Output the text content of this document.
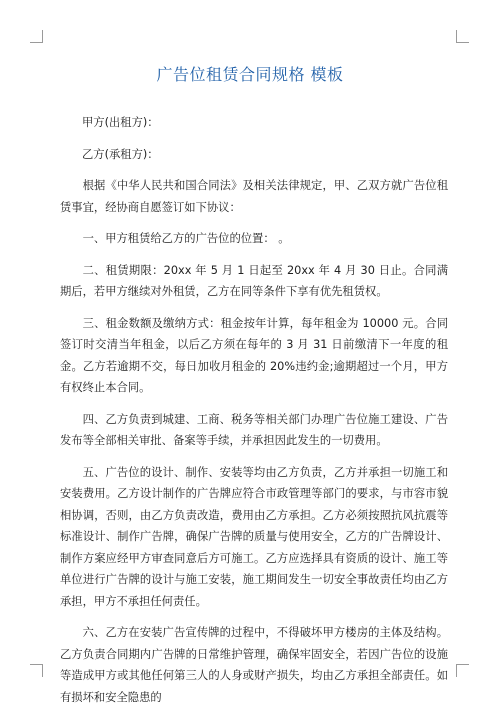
广告位租赁合同规格 模板

甲方(出租方)：

乙方(承租方)：

根据《中华人民共和国合同法》及相关法律规定，甲、乙双方就广告位租赁事宜，经协商自愿签订如下协议：

一、甲方租赁给乙方的广告位的位置： 。

二、租赁期限：20xx 年 5 月 1 日起至 20xx 年 4 月 30 日止。合同满期后，若甲方继续对外租赁，乙方在同等条件下享有优先租赁权。

三、租金数额及缴纳方式：租金按年计算，每年租金为 10000 元。合同签订时交清当年租金，以后乙方须在每年的 3 月 31 日前缴清下一年度的租金。乙方若逾期不交，每日加收月租金的 20%违约金;逾期超过一个月，甲方有权终止本合同。

四、乙方负责到城建、工商、税务等相关部门办理广告位施工建设、广告发布等全部相关审批、备案等手续，并承担因此发生的一切费用。

五、广告位的设计、制作、安装等均由乙方负责，乙方并承担一切施工和安装费用。乙方设计制作的广告牌应符合市政管理等部门的要求，与市容市貌相协调，否则，由乙方负责改造，费用由乙方承担。乙方必须按照抗风抗震等标准设计、制作广告牌，确保广告牌的质量与使用安全，乙方的广告牌设计、制作方案应经甲方审查同意后方可施工。乙方应选择具有资质的设计、施工等单位进行广告牌的设计与施工安装，施工期间发生一切安全事故责任均由乙方承担，甲方不承担任何责任。

六、乙方在安装广告宣传牌的过程中，不得破坏甲方楼房的主体及结构。乙方负责合同期内广告牌的日常维护管理，确保牢固安全，若因广告位的设施等造成甲方或其他任何第三人的人身或财产损失，均由乙方承担全部责任。如有损坏和安全隐患的
